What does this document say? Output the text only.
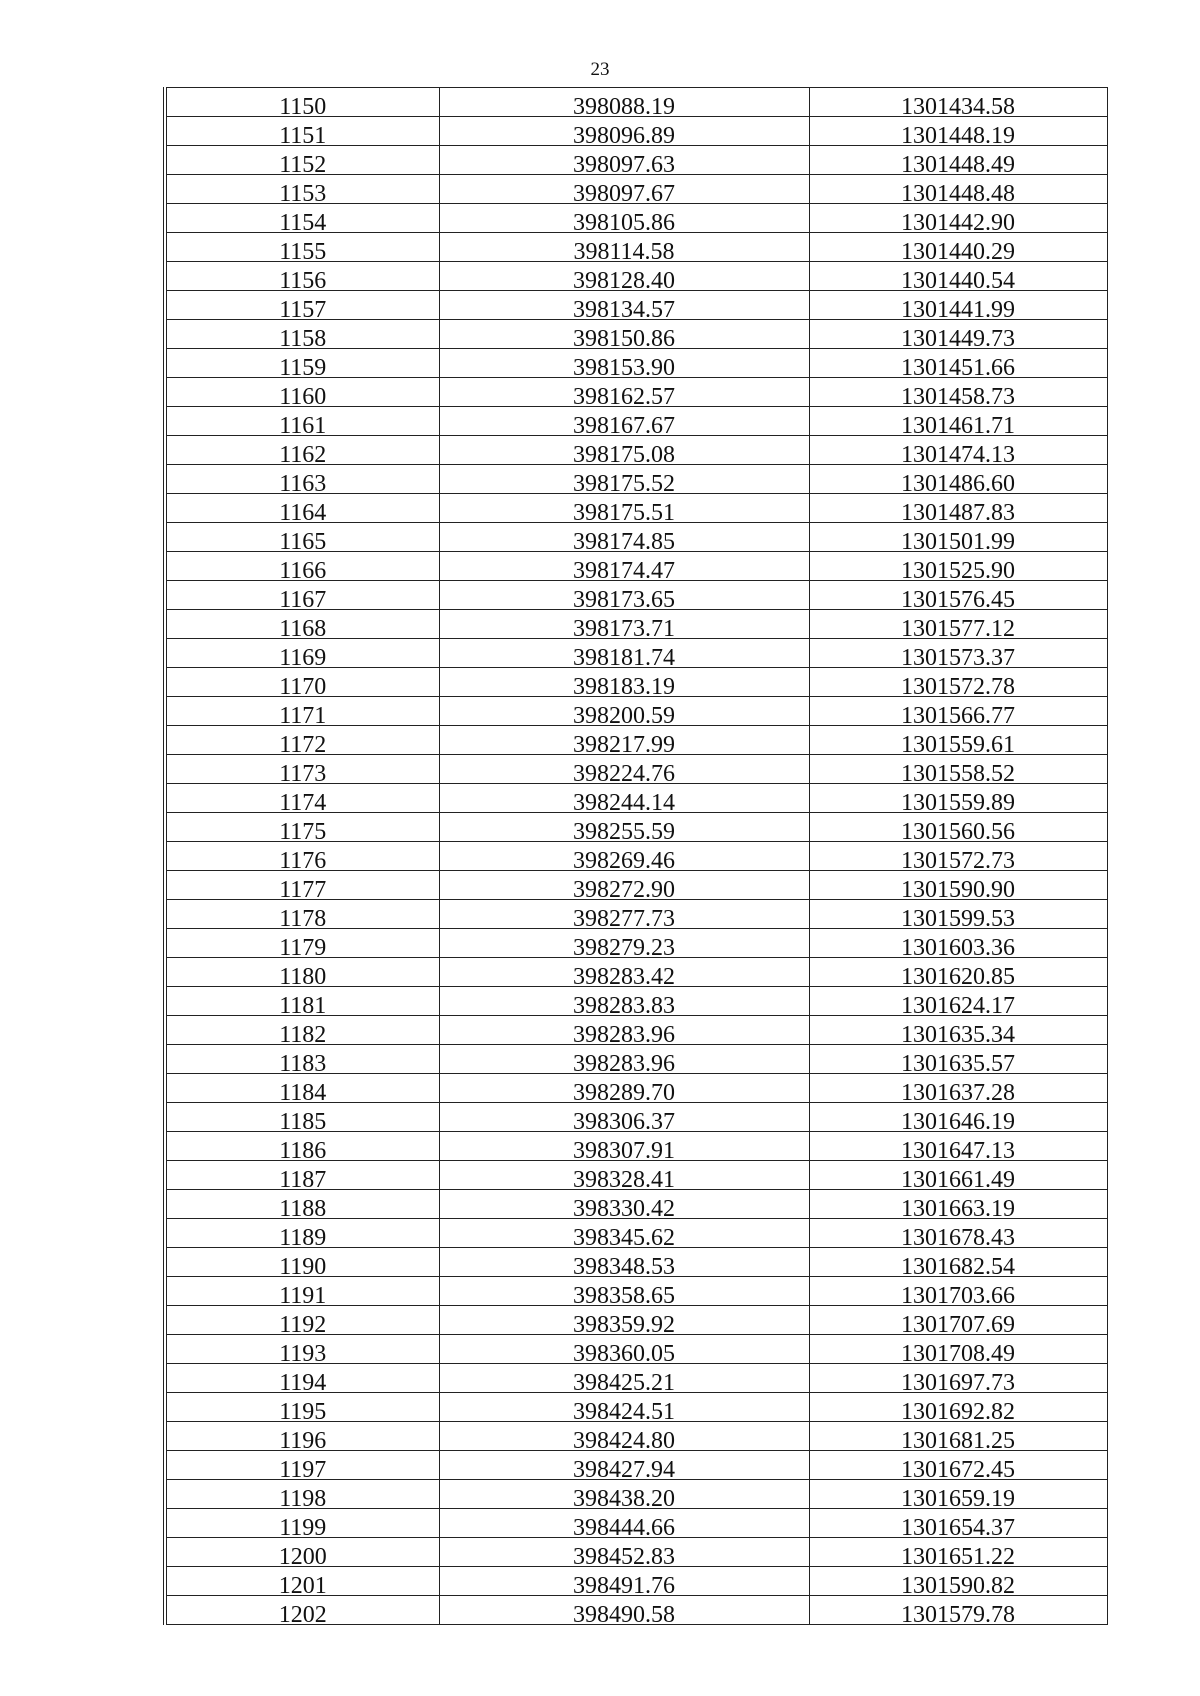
23
1150	398088.19	1301434.58
1151	398096.89	1301448.19
1152	398097.63	1301448.49
1153	398097.67	1301448.48
1154	398105.86	1301442.90
1155	398114.58	1301440.29
1156	398128.40	1301440.54
1157	398134.57	1301441.99
1158	398150.86	1301449.73
1159	398153.90	1301451.66
1160	398162.57	1301458.73
1161	398167.67	1301461.71
1162	398175.08	1301474.13
1163	398175.52	1301486.60
1164	398175.51	1301487.83
1165	398174.85	1301501.99
1166	398174.47	1301525.90
1167	398173.65	1301576.45
1168	398173.71	1301577.12
1169	398181.74	1301573.37
1170	398183.19	1301572.78
1171	398200.59	1301566.77
1172	398217.99	1301559.61
1173	398224.76	1301558.52
1174	398244.14	1301559.89
1175	398255.59	1301560.56
1176	398269.46	1301572.73
1177	398272.90	1301590.90
1178	398277.73	1301599.53
1179	398279.23	1301603.36
1180	398283.42	1301620.85
1181	398283.83	1301624.17
1182	398283.96	1301635.34
1183	398283.96	1301635.57
1184	398289.70	1301637.28
1185	398306.37	1301646.19
1186	398307.91	1301647.13
1187	398328.41	1301661.49
1188	398330.42	1301663.19
1189	398345.62	1301678.43
1190	398348.53	1301682.54
1191	398358.65	1301703.66
1192	398359.92	1301707.69
1193	398360.05	1301708.49
1194	398425.21	1301697.73
1195	398424.51	1301692.82
1196	398424.80	1301681.25
1197	398427.94	1301672.45
1198	398438.20	1301659.19
1199	398444.66	1301654.37
1200	398452.83	1301651.22
1201	398491.76	1301590.82
1202	398490.58	1301579.78
